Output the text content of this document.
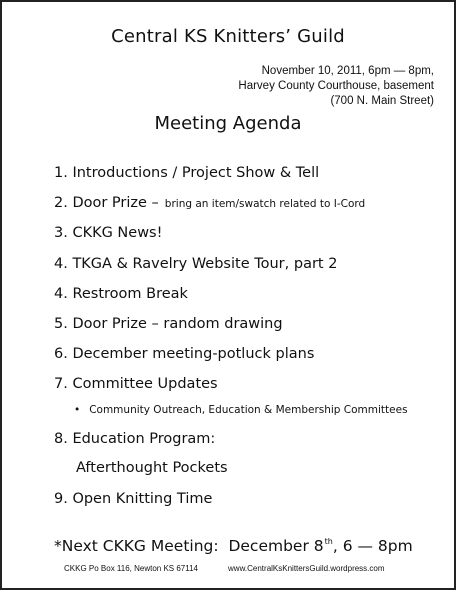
Central KS Knitters’ Guild
November 10, 2011, 6pm — 8pm,
Harvey County Courthouse, basement
(700 N. Main Street)
Meeting Agenda
1. Introductions / Project Show & Tell
2. Door Prize – bring an item/swatch related to I-Cord
3. CKKG News!
4. TKGA & Ravelry Website Tour, part 2
4. Restroom Break
5. Door Prize – random drawing
6. December meeting-potluck plans
7. Committee Updates
• Community Outreach, Education & Membership Committees
8. Education Program:
Afterthought Pockets
9. Open Knitting Time
*Next CKKG Meeting: December 8th, 6 — 8pm
CKKG Po Box 116, Newton KS 67114	www.CentralKsKnittersGuild.wordpress.com
